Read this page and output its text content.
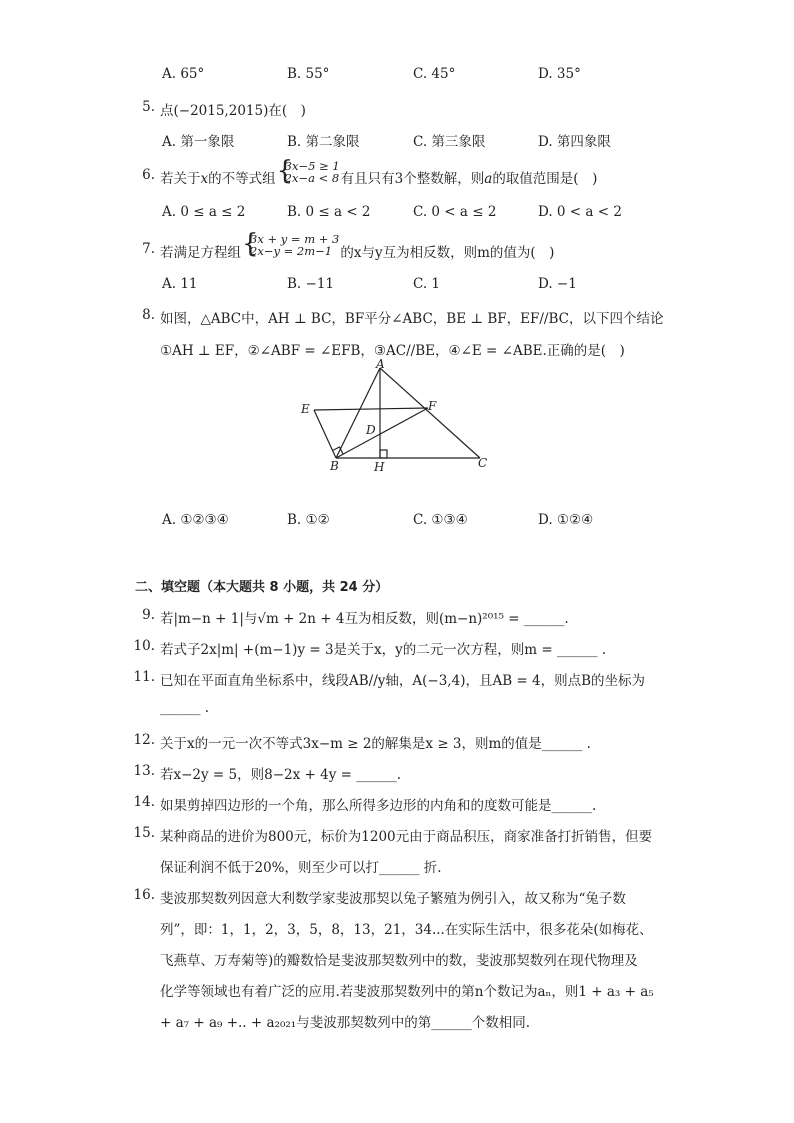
A. 65°	B. 55°	C. 45°	D. 35°
5. 点(−2015,2015)在(　)
A. 第一象限	B. 第二象限	C. 第三象限	D. 第四象限
6. 若关于x的不等式组 {
3x−5 ≥ 1
2x−a < 8 有且只有3个整数解，则a的取值范围是(　)
A. 0 ≤ a ≤ 2	B. 0 ≤ a < 2	C. 0 < a ≤ 2	D. 0 < a < 2
7. 若满足方程组 {
3x + y = m + 3
2x−y = 2m−1 的x与y互为相反数，则m的值为(　)
A. 11	B. −11	C. 1	D. −1
8. 如图，△ABC中，AH ⊥ BC，BF平分∠ABC，BE ⊥ BF，EF//BC，以下四个结论
①AH ⊥ EF，②∠ABF = ∠EFB，③AC//BE，④∠E = ∠ABE.正确的是(　)
A
B	C
D
E	F
H
A. ①②③④	B. ①②	C. ①③④	D. ①②④
二、填空题（本大题共 8 小题，共 24 分）
9. 若|m−n + 1|与√m + 2n + 4互为相反数，则(m−n)²⁰¹⁵ = ______.
10. 若式子2x|m| +(m−1)y = 3是关于x，y的二元一次方程，则m = ______ .
11. 已知在平面直角坐标系中，线段AB//y轴，A(−3,4)，且AB = 4，则点B的坐标为
______ .
12. 关于x的一元一次不等式3x−m ≥ 2的解集是x ≥ 3，则m的值是______ .
13. 若x−2y = 5，则8−2x + 4y = ______.
14. 如果剪掉四边形的一个角，那么所得多边形的内角和的度数可能是______.
15. 某种商品的进价为800元，标价为1200元由于商品积压，商家准备打折销售，但要
保证利润不低于20%，则至少可以打______ 折.
16. 斐波那契数列因意大利数学家斐波那契以兔子繁殖为例引入，故又称为“兔子数
列”，即：1，1，2，3，5，8，13，21，34...在实际生活中，很多花朵(如梅花、
飞燕草、万寿菊等)的瓣数恰是斐波那契数列中的数，斐波那契数列在现代物理及
化学等领域也有着广泛的应用.若斐波那契数列中的第n个数记为aₙ，则1 + a₃ + a₅
+ a₇ + a₉ +.. + a₂₀₂₁与斐波那契数列中的第______个数相同.
